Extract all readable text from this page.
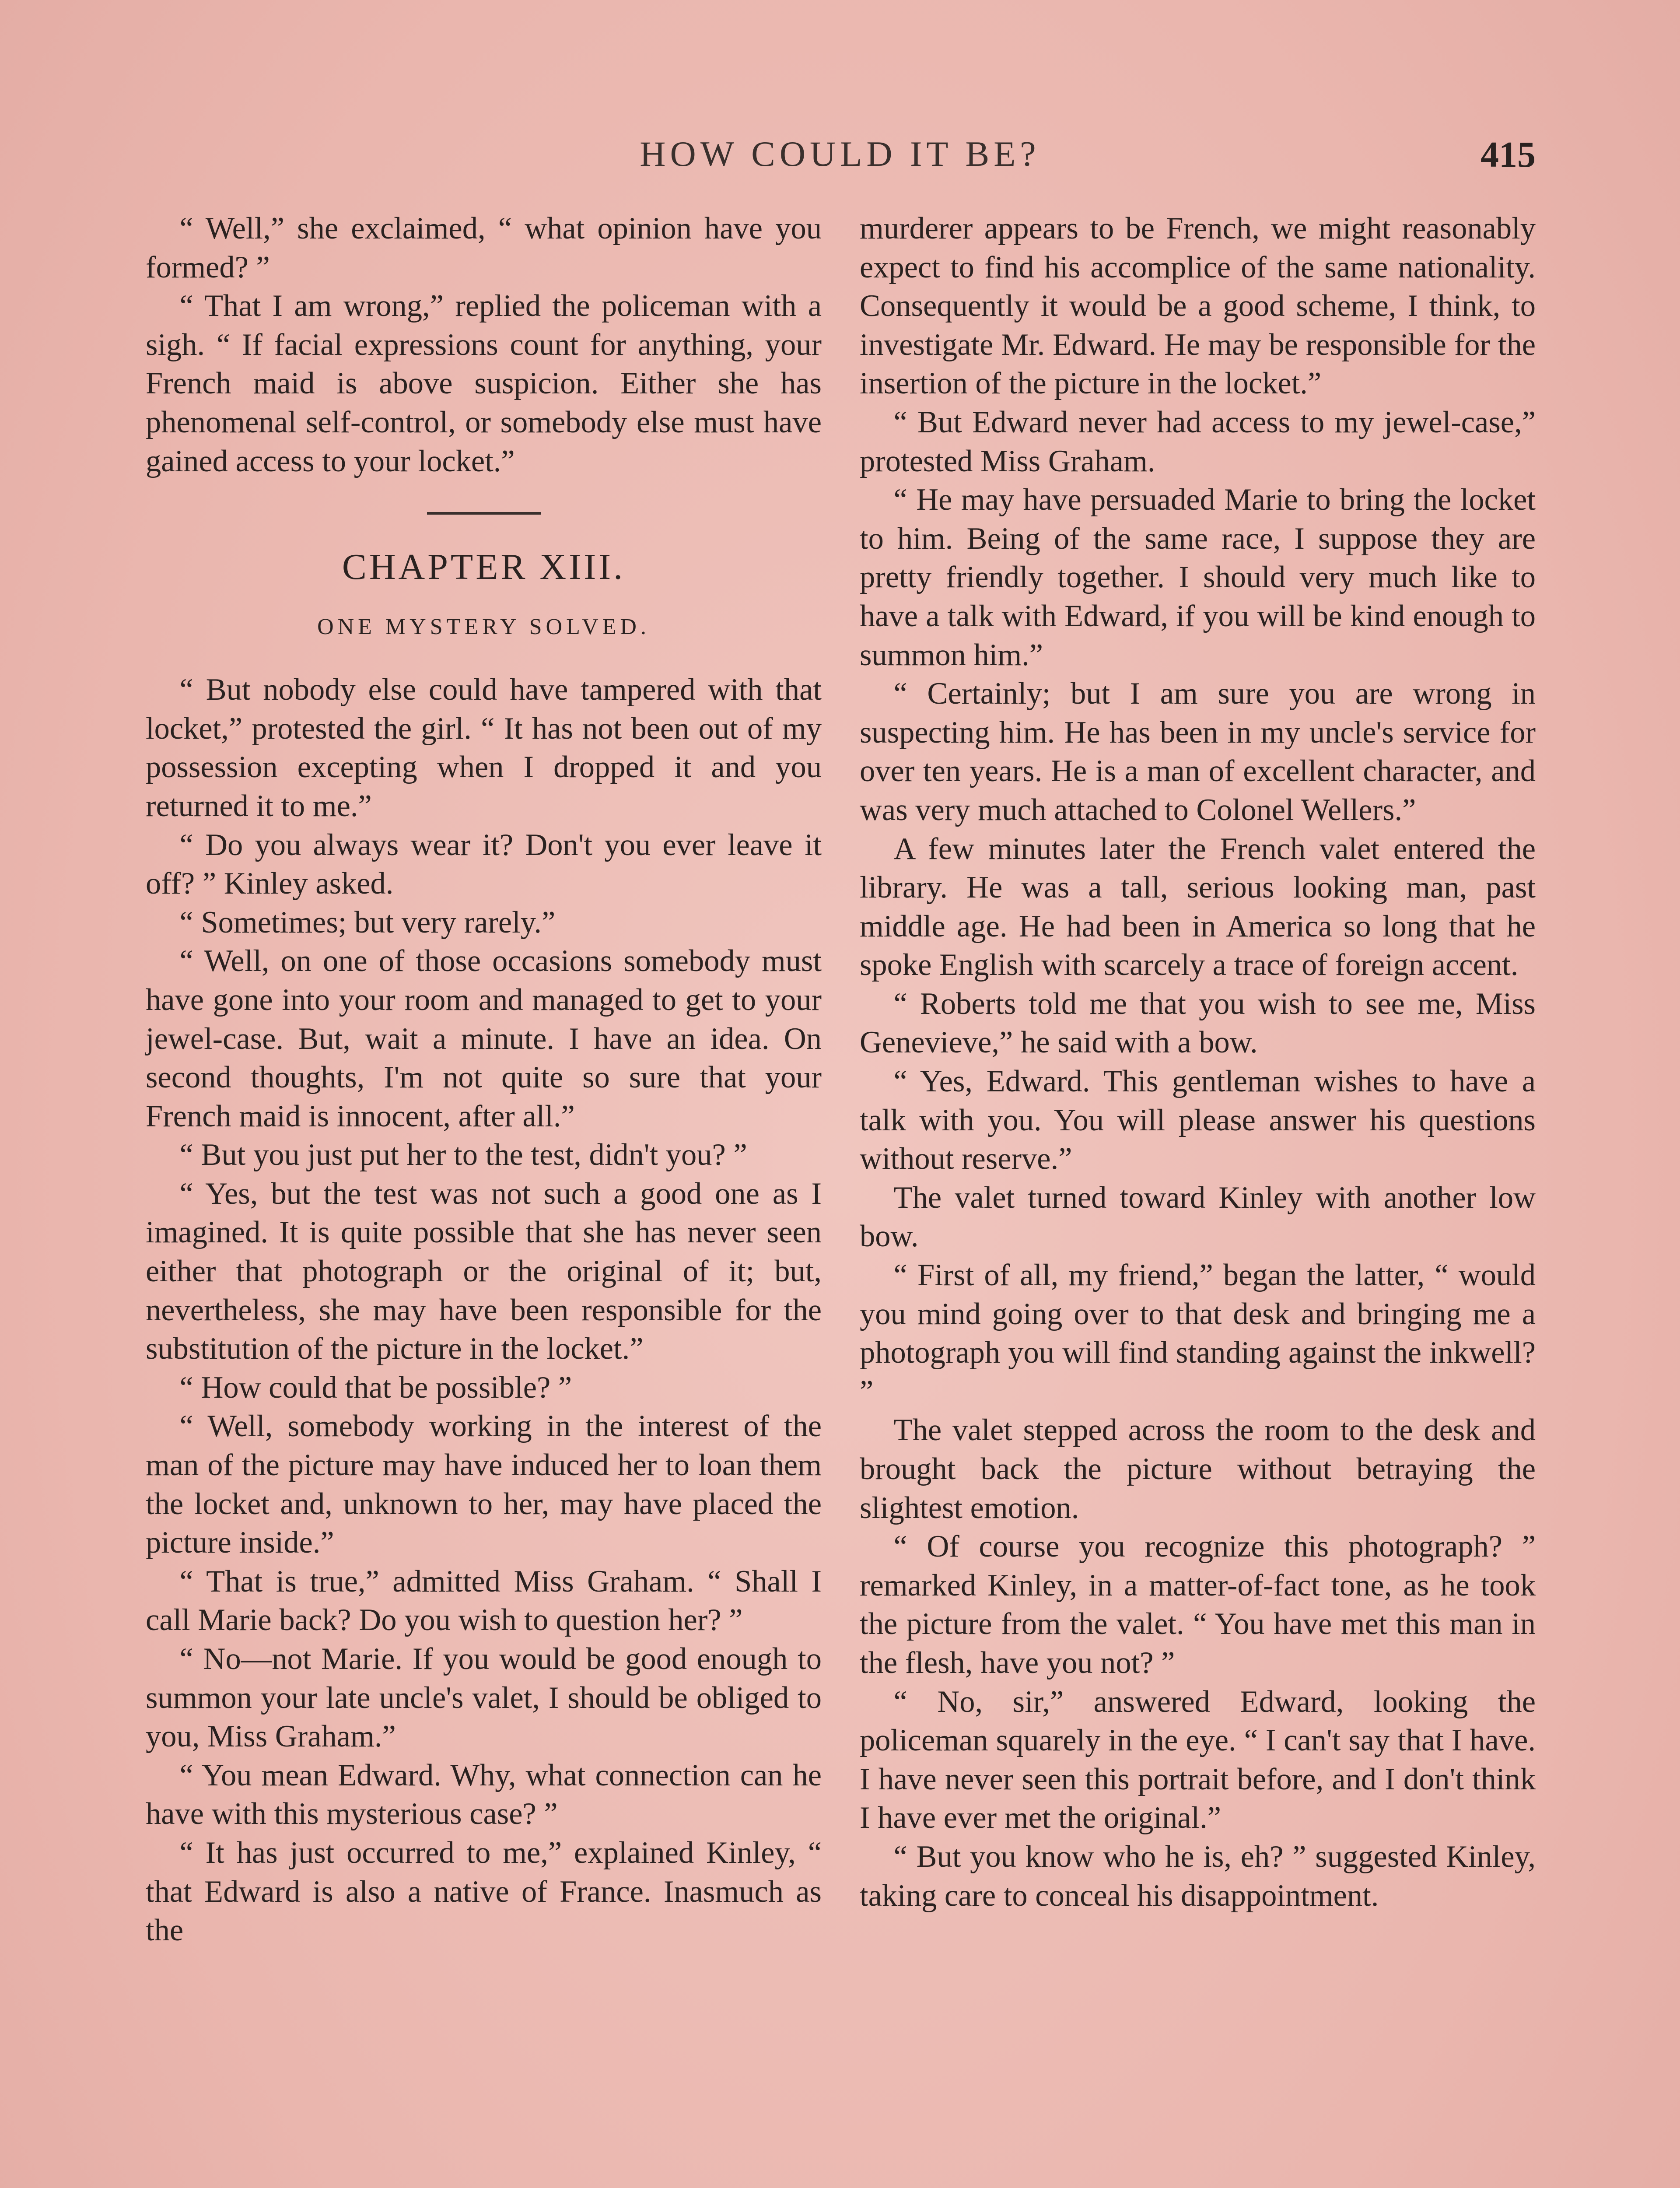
HOW COULD IT BE?	415

“ Well,” she exclaimed, “ what opinion have you formed? ”

“ That I am wrong,” replied the policeman with a sigh. “ If facial expressions count for anything, your French maid is above suspicion. Either she has phenomenal self-control, or somebody else must have gained access to your locket.”

CHAPTER XIII.
ONE MYSTERY SOLVED.

“ But nobody else could have tampered with that locket,” protested the girl. “ It has not been out of my possession excepting when I dropped it and you returned it to me.”

“ Do you always wear it? Don't you ever leave it off? ” Kinley asked.

“ Sometimes; but very rarely.”

“ Well, on one of those occasions somebody must have gone into your room and managed to get to your jewel-case. But, wait a minute. I have an idea. On second thoughts, I'm not quite so sure that your French maid is innocent, after all.”

“ But you just put her to the test, didn't you? ”

“ Yes, but the test was not such a good one as I imagined. It is quite possible that she has never seen either that photograph or the original of it; but, nevertheless, she may have been responsible for the substitution of the picture in the locket.”

“ How could that be possible? ”

“ Well, somebody working in the interest of the man of the picture may have induced her to loan them the locket and, unknown to her, may have placed the picture inside.”

“ That is true,” admitted Miss Graham. “ Shall I call Marie back? Do you wish to question her? ”

“ No—not Marie. If you would be good enough to summon your late uncle's valet, I should be obliged to you, Miss Graham.”

“ You mean Edward. Why, what connection can he have with this mysterious case? ”

“ It has just occurred to me,” explained Kinley, “ that Edward is also a native of France. Inasmuch as the

murderer appears to be French, we might reasonably expect to find his accomplice of the same nationality. Consequently it would be a good scheme, I think, to investigate Mr. Edward. He may be responsible for the insertion of the picture in the locket.”

“ But Edward never had access to my jewel-case,” protested Miss Graham.

“ He may have persuaded Marie to bring the locket to him. Being of the same race, I suppose they are pretty friendly together. I should very much like to have a talk with Edward, if you will be kind enough to summon him.”

“ Certainly; but I am sure you are wrong in suspecting him. He has been in my uncle's service for over ten years. He is a man of excellent character, and was very much attached to Colonel Wellers.”

A few minutes later the French valet entered the library. He was a tall, serious looking man, past middle age. He had been in America so long that he spoke English with scarcely a trace of foreign accent.

“ Roberts told me that you wish to see me, Miss Genevieve,” he said with a bow.

“ Yes, Edward. This gentleman wishes to have a talk with you. You will please answer his questions without reserve.”

The valet turned toward Kinley with another low bow.

“ First of all, my friend,” began the latter, “ would you mind going over to that desk and bringing me a photograph you will find standing against the inkwell? ”

The valet stepped across the room to the desk and brought back the picture without betraying the slightest emotion.

“ Of course you recognize this photograph? ” remarked Kinley, in a matter-of-fact tone, as he took the picture from the valet. “ You have met this man in the flesh, have you not? ”

“ No, sir,” answered Edward, looking the policeman squarely in the eye. “ I can't say that I have. I have never seen this portrait before, and I don't think I have ever met the original.”

“ But you know who he is, eh? ” suggested Kinley, taking care to conceal his disappointment.
